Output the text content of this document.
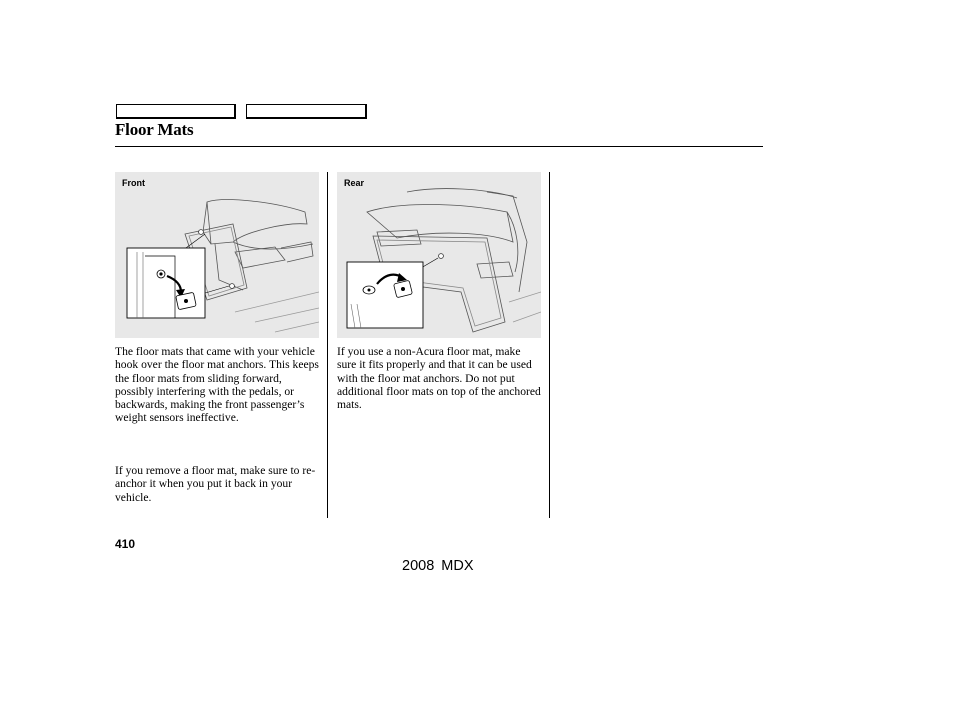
Floor Mats
Front	Rear

The floor mats that came with your vehicle hook over the floor mat anchors. This keeps the floor mats from sliding forward, possibly interfering with the pedals, or backwards, making the front passenger’s weight sensors ineffective.

If you remove a floor mat, make sure to re-anchor it when you put it back in your vehicle.

If you use a non-Acura floor mat, make sure it fits properly and that it can be used with the floor mat anchors. Do not put additional floor mats on top of the anchored mats.

410
2008 MDX
